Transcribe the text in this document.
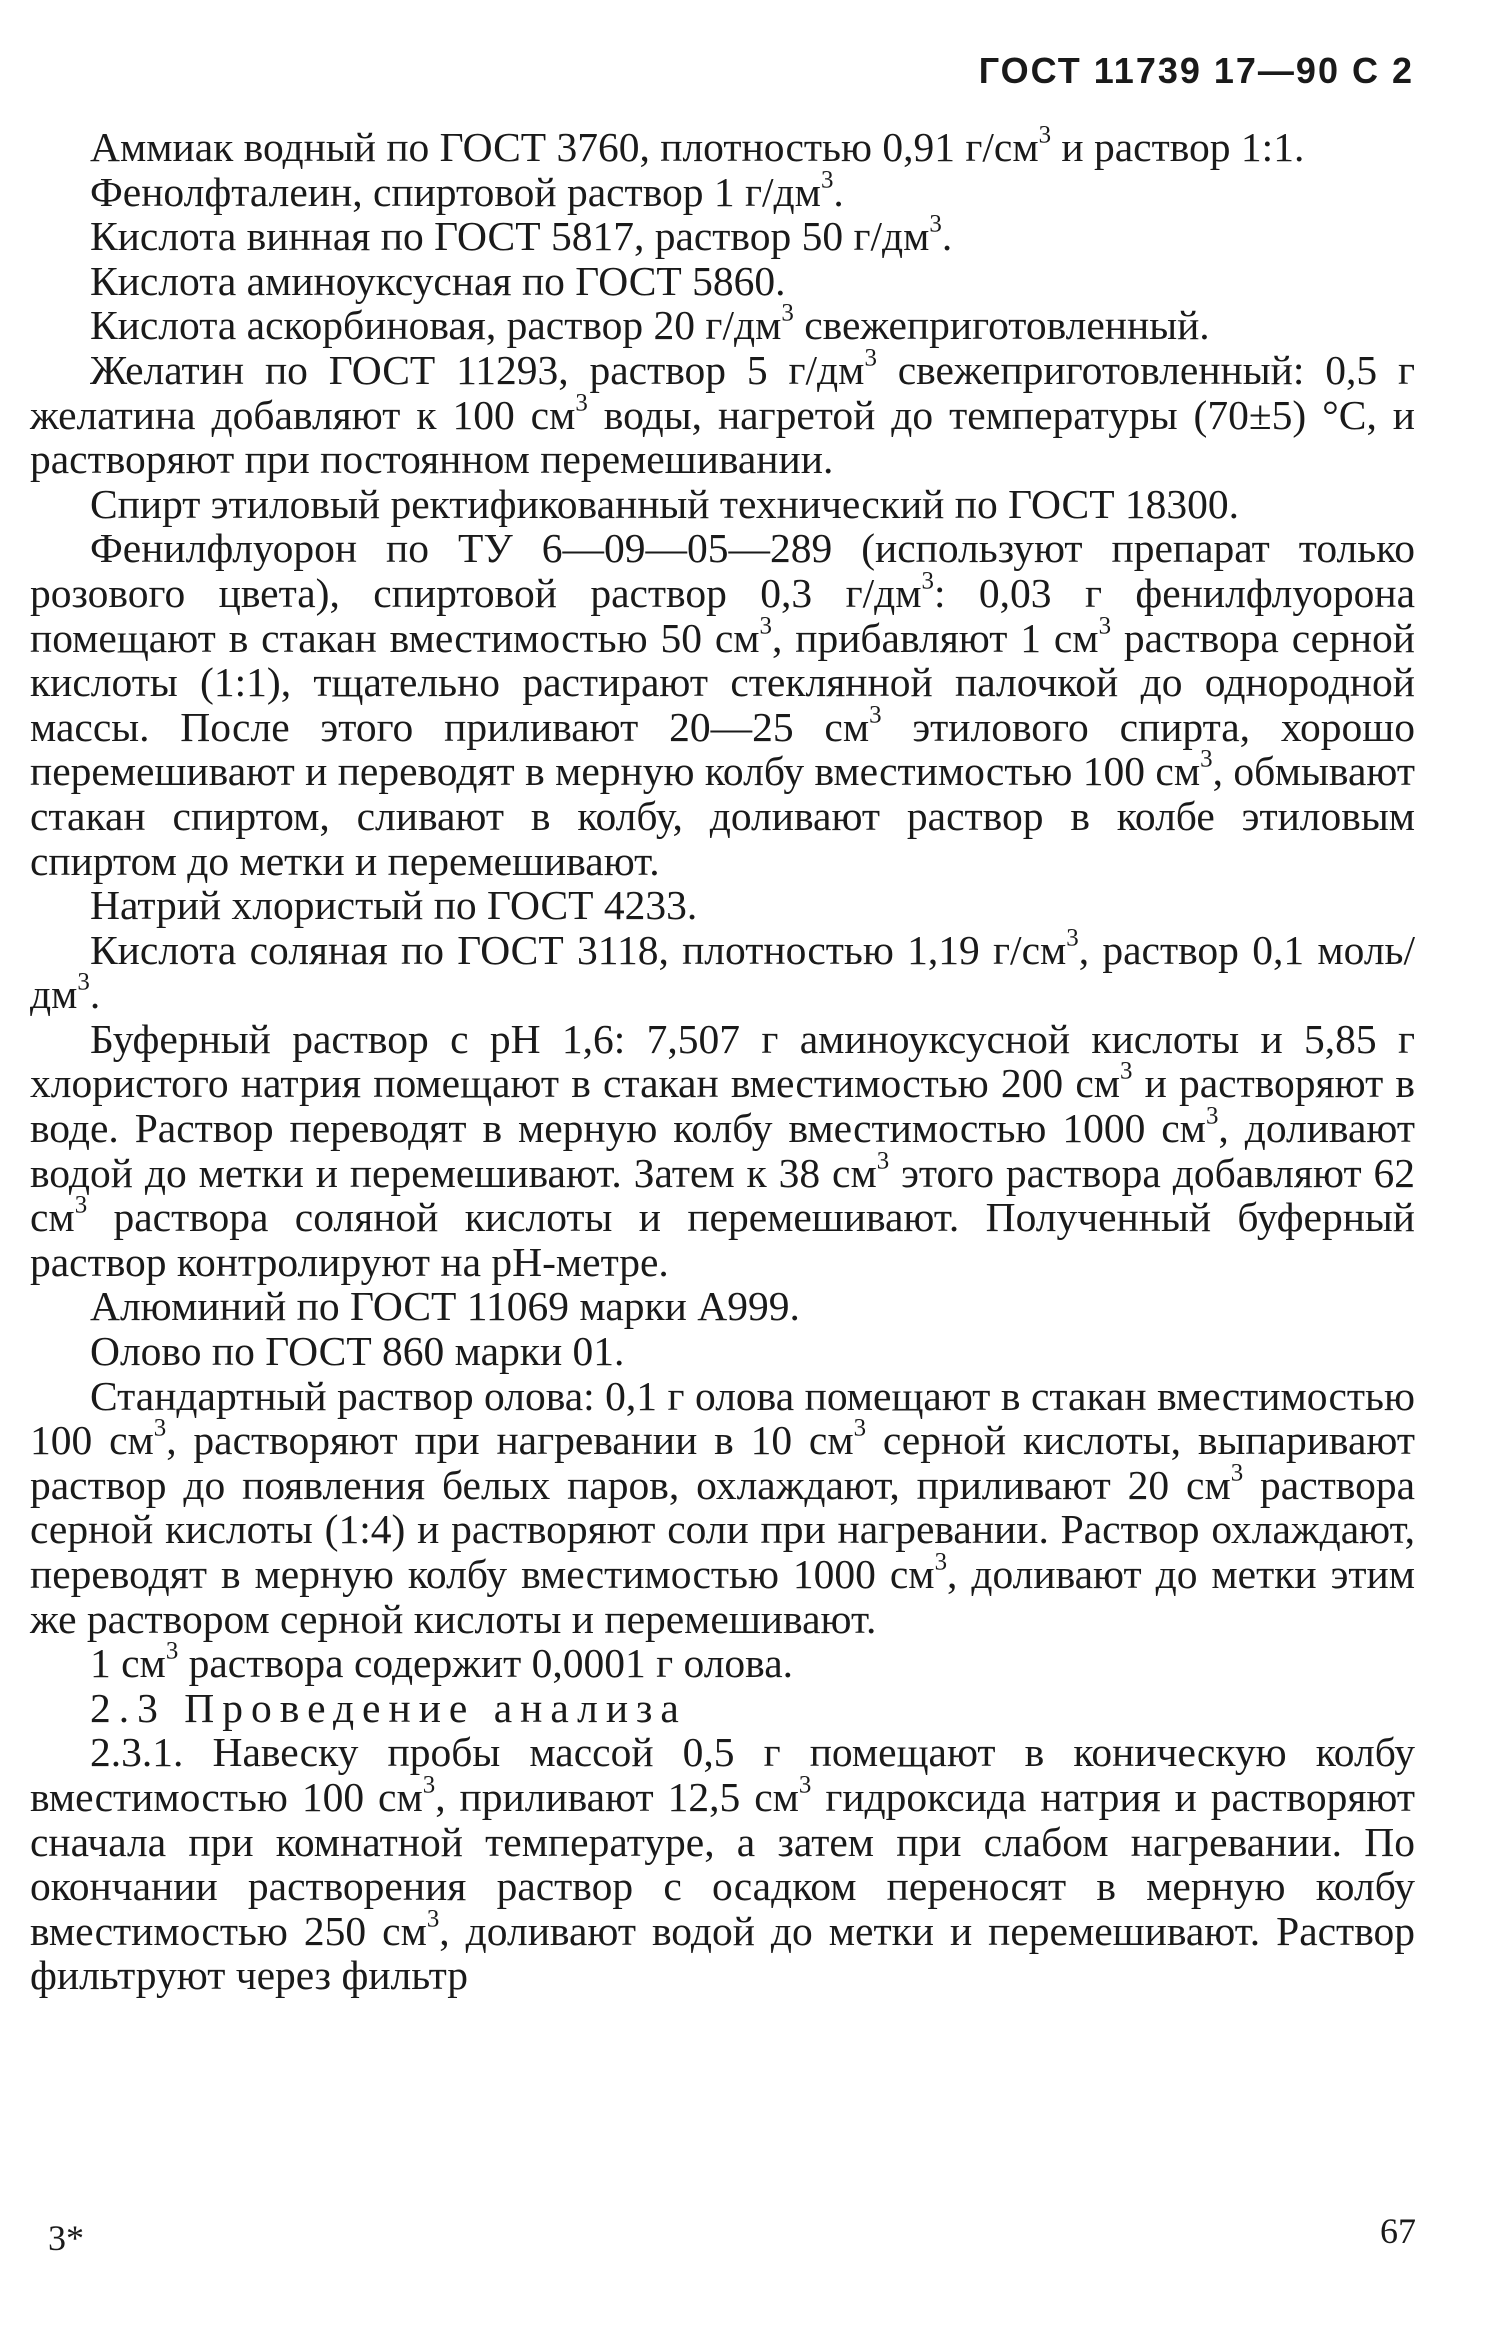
ГОСТ 11739 17—90 С 2

Аммиак водный по ГОСТ 3760, плотностью 0,91 $г/см^3$ и раствор 1:1.

Фенолфталеин, спиртовой раствор 1 $г/дм^3$.

Кислота винная по ГОСТ 5817, раствор 50 $г/дм^3$.

Кислота аминоуксусная по ГОСТ 5860.

Кислота аскорбиновая, раствор 20 $г/дм^3$ свежеприготовленный.

Желатин по ГОСТ 11293, раствор 5 $г/дм^3$ свежеприготовленный: 0,5 г желатина добавляют к 100 $см^3$ воды, нагретой до температуры (70±5) °С, и растворяют при постоянном перемешивании.

Спирт этиловый ректификованный технический по ГОСТ 18300.

Фенилфлуорон по ТУ 6—09—05—289 (используют препарат только розового цвета), спиртовой раствор 0,3 $г/дм^3$: 0,03 г фенилфлуорона помещают в стакан вместимостью 50 $см^3$, прибавляют 1 $см^3$ раствора серной кислоты (1:1), тщательно растирают стеклянной палочкой до однородной массы. После этого приливают 20—25 $см^3$ этилового спирта, хорошо перемешивают и переводят в мерную колбу вместимостью 100 $см^3$, обмывают стакан спиртом, сливают в колбу, доливают раствор в колбе этиловым спиртом до метки и перемешивают.

Натрий хлористый по ГОСТ 4233.

Кислота соляная по ГОСТ 3118, плотностью 1,19 $г/см^3$, раствор 0,1 моль/$дм^3$.

Буферный раствор с рН 1,6: 7,507 г аминоуксусной кислоты и 5,85 г хлористого натрия помещают в стакан вместимостью 200 $см^3$ и растворяют в воде. Раствор переводят в мерную колбу вместимостью 1000 $см^3$, доливают водой до метки и перемешивают. Затем к 38 $см^3$ этого раствора добавляют 62 $см^3$ раствора соляной кислоты и перемешивают. Полученный буферный раствор контролируют на рН-метре.

Алюминий по ГОСТ 11069 марки А999.

Олово по ГОСТ 860 марки 01.

Стандартный раствор олова: 0,1 г олова помещают в стакан вместимостью 100 $см^3$, растворяют при нагревании в 10 $см^3$ серной кислоты, выпаривают раствор до появления белых паров, охлаждают, приливают 20 $см^3$ раствора серной кислоты (1:4) и растворяют соли при нагревании. Раствор охлаждают, переводят в мерную колбу вместимостью 1000 $см^3$, доливают до метки этим же раствором серной кислоты и перемешивают.

1 $см^3$ раствора содержит 0,0001 г олова.

2.3 Проведение анализа

2.3.1. Навеску пробы массой 0,5 г помещают в коническую колбу вместимостью 100 $см^3$, приливают 12,5 $см^3$ гидроксида натрия и растворяют сначала при комнатной температуре, а затем при слабом нагревании. По окончании растворения раствор с осадком переносят в мерную колбу вместимостью 250 $см^3$, доливают водой до метки и перемешивают. Раствор фильтруют через фильтр

3*	67
